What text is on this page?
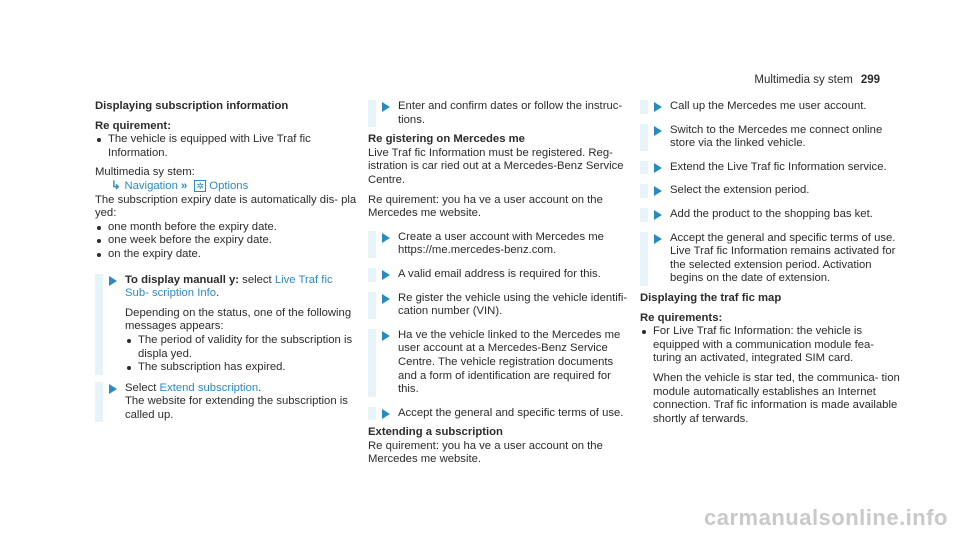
Multimedia sy stem 299

Displaying subscription information

Re quirement:

The vehicle is equipped with Live Traf fic Information.

Multimedia sy stem:

↳ Navigation » ✲ Options

The subscription expiry date is automatically dis‐ pla yed:

one month before the expiry date.

one week before the expiry date.

on the expiry date.

To display manuall y: select Live Traf fic Sub‐ scription Info.

Depending on the status, one of the following messages appears:

The period of validity for the subscription is displa yed.

The subscription has expired.

Select Extend subscription.

The website for extending the subscription is called up.

Enter and confirm dates or follow the instruc‐ tions.

Re gistering on Mercedes me

Live Traf fic Information must be registered. Reg‐ istration is car ried out at a Mercedes-Benz Service Centre.

Re quirement: you ha ve a user account on the Mercedes me website.

Create a user account with Mercedes me https://me.mercedes-benz.com.

A valid email address is required for this.

Re gister the vehicle using the vehicle identifi‐ cation number (VIN).

Ha ve the vehicle linked to the Mercedes me user account at a Mercedes-Benz Service Centre. The vehicle registration documents and a form of identification are required for this.

Accept the general and specific terms of use.

Extending a subscription

Re quirement: you ha ve a user account on the Mercedes me website.

Call up the Mercedes me user account.

Switch to the Mercedes me connect online store via the linked vehicle.

Extend the Live Traf fic Information service.

Select the extension period.

Add the product to the shopping bas ket.

Accept the general and specific terms of use. Live Traf fic Information remains activated for the selected extension period. Activation begins on the date of extension.

Displaying the traf fic map

Re quirements:

For Live Traf fic Information: the vehicle is equipped with a communication module fea‐ turing an activated, integrated SIM card.

When the vehicle is star ted, the communica‐ tion module automatically establishes an Internet connection. Traf fic information is made available shortly af terwards.

carmanualsonline.info
